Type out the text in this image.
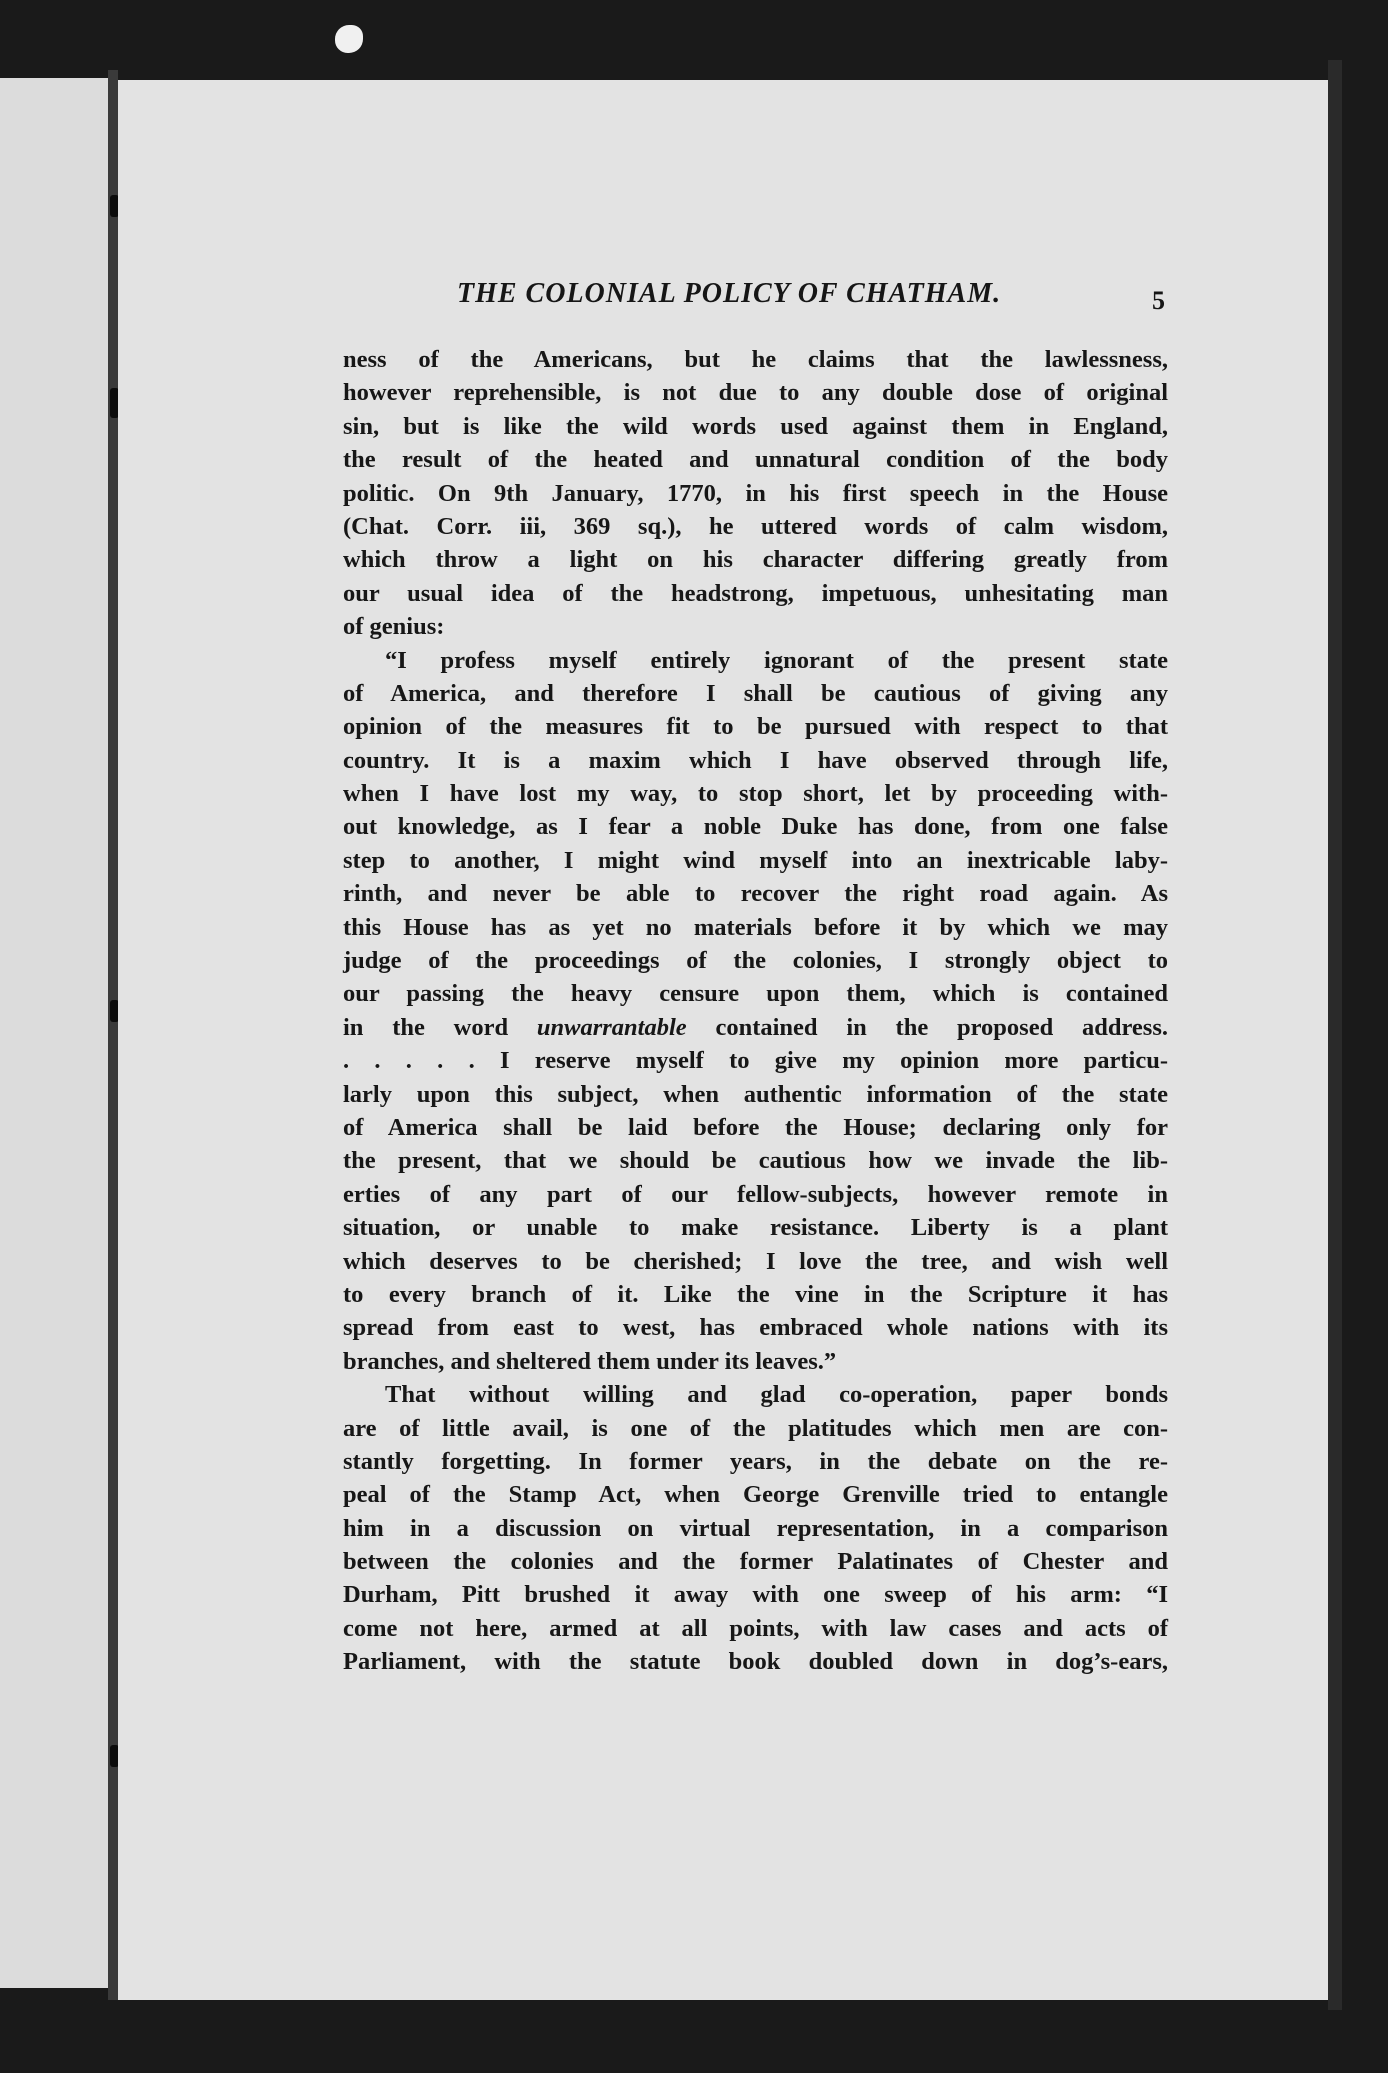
THE COLONIAL POLICY OF CHATHAM.	5
ness of the Americans, but he claims that the lawlessness,
however reprehensible, is not due to any double dose of original
sin, but is like the wild words used against them in England,
the result of the heated and unnatural condition of the body
politic. On 9th January, 1770, in his first speech in the House
(Chat. Corr. iii, 369 sq.), he uttered words of calm wisdom,
which throw a light on his character differing greatly from
our usual idea of the headstrong, impetuous, unhesitating man
of genius:
“I profess myself entirely ignorant of the present state
of America, and therefore I shall be cautious of giving any
opinion of the measures fit to be pursued with respect to that
country. It is a maxim which I have observed through life,
when I have lost my way, to stop short, let by proceeding with-
out knowledge, as I fear a noble Duke has done, from one false
step to another, I might wind myself into an inextricable laby-
rinth, and never be able to recover the right road again. As
this House has as yet no materials before it by which we may
judge of the proceedings of the colonies, I strongly object to
our passing the heavy censure upon them, which is contained
in the word unwarrantable contained in the proposed address.
. . . . . I reserve myself to give my opinion more particu-
larly upon this subject, when authentic information of the state
of America shall be laid before the House; declaring only for
the present, that we should be cautious how we invade the lib-
erties of any part of our fellow-subjects, however remote in
situation, or unable to make resistance. Liberty is a plant
which deserves to be cherished; I love the tree, and wish well
to every branch of it. Like the vine in the Scripture it has
spread from east to west, has embraced whole nations with its
branches, and sheltered them under its leaves.”
That without willing and glad co-operation, paper bonds
are of little avail, is one of the platitudes which men are con-
stantly forgetting. In former years, in the debate on the re-
peal of the Stamp Act, when George Grenville tried to entangle
him in a discussion on virtual representation, in a comparison
between the colonies and the former Palatinates of Chester and
Durham, Pitt brushed it away with one sweep of his arm: “I
come not here, armed at all points, with law cases and acts of
Parliament, with the statute book doubled down in dog’s-ears,
